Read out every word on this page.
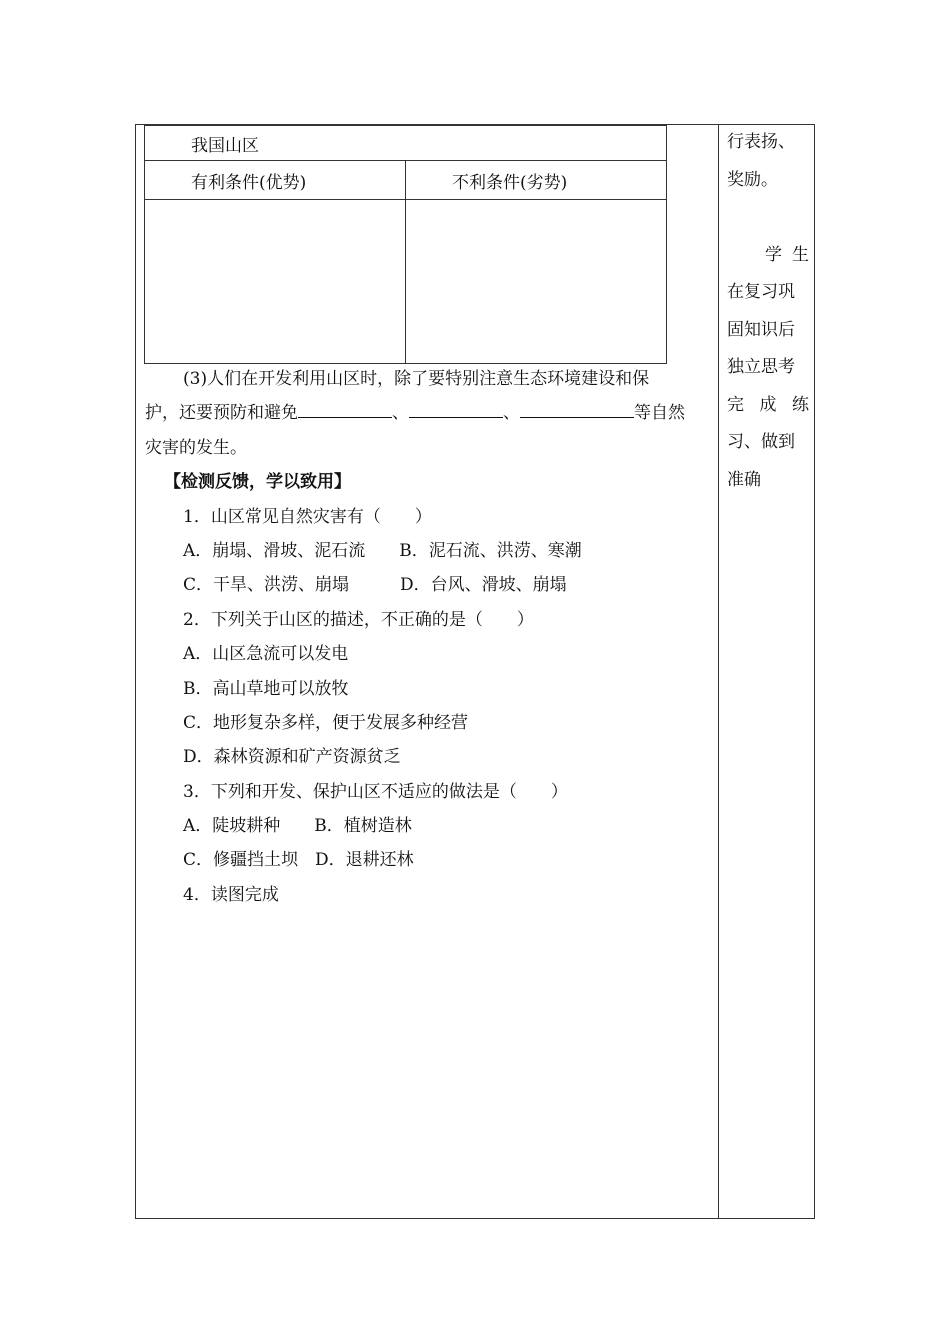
我国山区	
有利条件(优势)	不利条件(劣势)

(3)人们在开发利用山区时，除了要特别注意生态环境建设和保
护，还要预防和避免	、	、	等自然
灾害的发生。
【检测反馈，学以致用】
1．山区常见自然灾害有（　　）
A．崩塌、滑坡、泥石流　　B．泥石流、洪涝、寒潮
C．干旱、洪涝、崩塌　　　D．台风、滑坡、崩塌
2．下列关于山区的描述，不正确的是（　　）
A．山区急流可以发电
B．高山草地可以放牧
C．地形复杂多样，便于发展多种经营
D．森林资源和矿产资源贫乏
3．下列和开发、保护山区不适应的做法是（　　）
A．陡坡耕种　　B．植树造林
C．修疆挡土坝　D．退耕还林
4．读图完成
行表扬、
奖励。
学 生
在复习巩
固知识后
独立思考
完 成 练
习、做到
准确
